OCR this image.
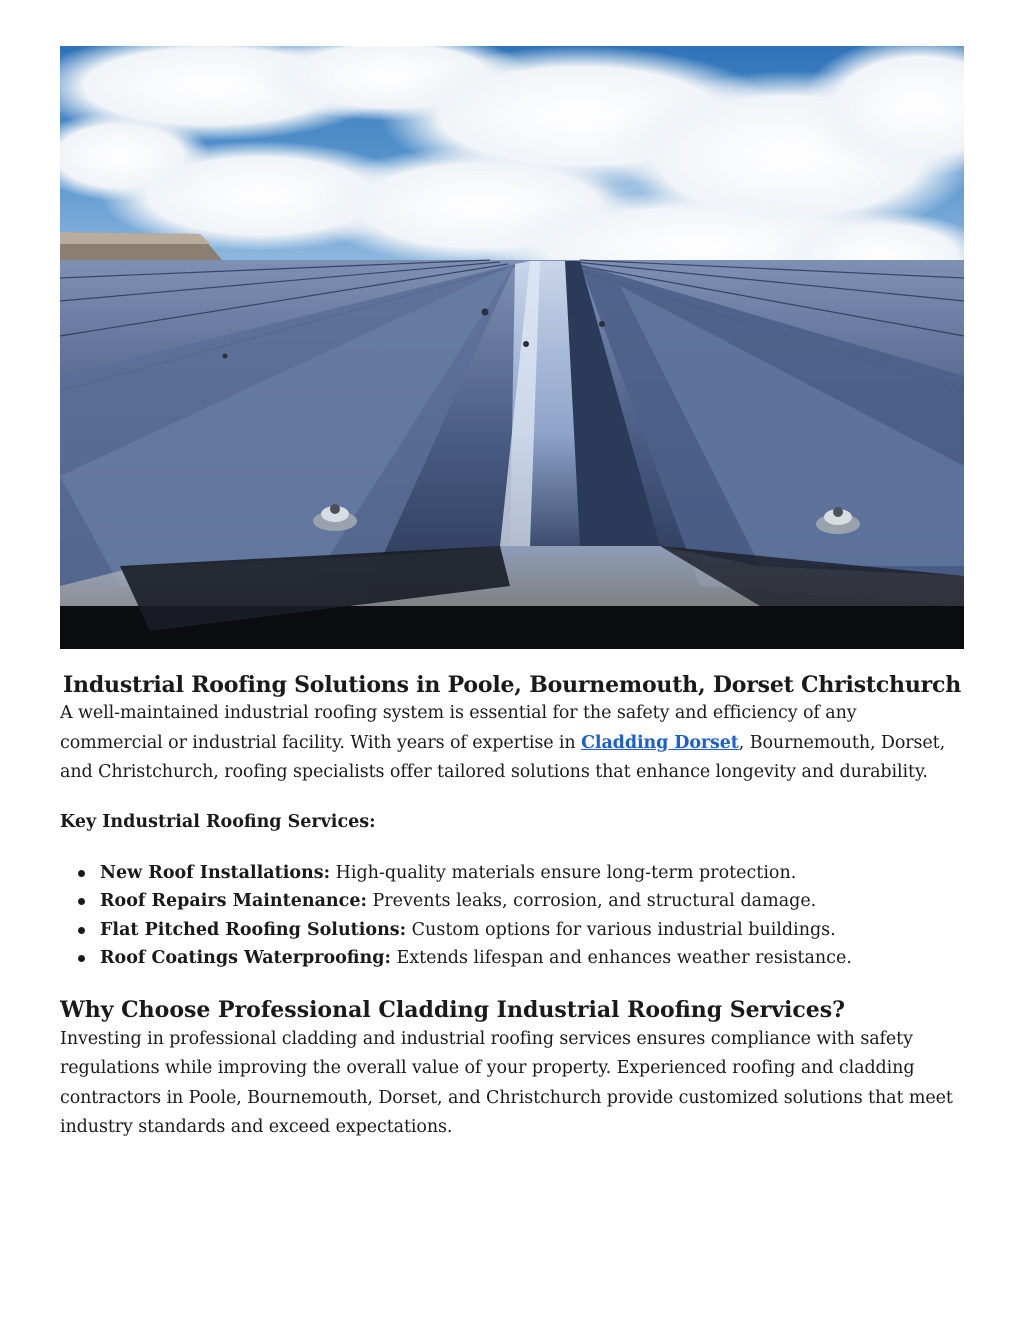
Industrial Roofing Solutions in Poole, Bournemouth, Dorset Christchurch

A well-maintained industrial roofing system is essential for the safety and efficiency of any commercial or industrial facility. With years of expertise in Cladding Dorset, Bournemouth, Dorset, and Christchurch, roofing specialists offer tailored solutions that enhance longevity and durability.

Key Industrial Roofing Services:
New Roof Installations: High-quality materials ensure long-term protection.
Roof Repairs Maintenance: Prevents leaks, corrosion, and structural damage.
Flat Pitched Roofing Solutions: Custom options for various industrial buildings.
Roof Coatings Waterproofing: Extends lifespan and enhances weather resistance.
Why Choose Professional Cladding Industrial Roofing Services?

Investing in professional cladding and industrial roofing services ensures compliance with safety regulations while improving the overall value of your property. Experienced roofing and cladding contractors in Poole, Bournemouth, Dorset, and Christchurch provide customized solutions that meet industry standards and exceed expectations.
